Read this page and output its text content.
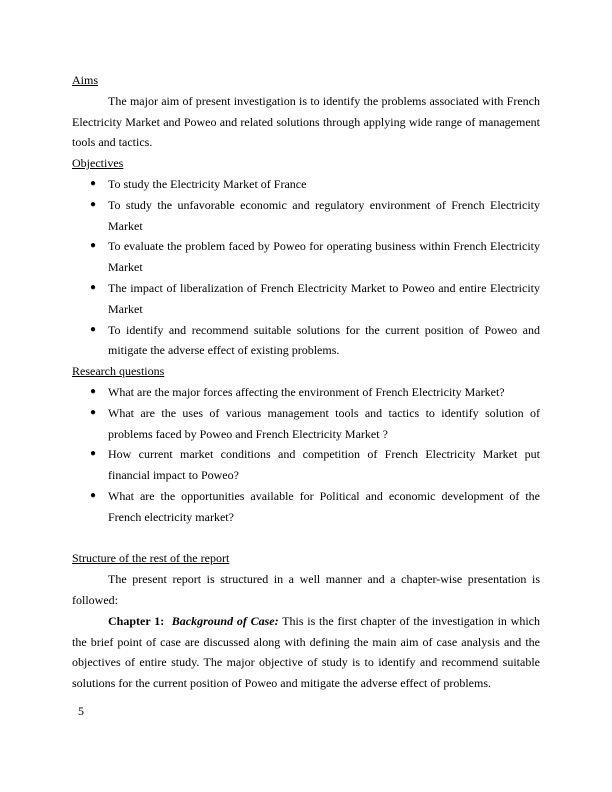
Aims

The major aim of present investigation is to identify the problems associated with French Electricity Market and Poweo and related solutions through applying wide range of management tools and tactics.

Objectives

● To study the Electricity Market of France
● To study the unfavorable economic and regulatory environment of French Electricity Market
● To evaluate the problem faced by Poweo for operating business within French Electricity Market
● The impact of liberalization of French Electricity Market to Poweo and entire Electricity Market
● To identify and recommend suitable solutions for the current position of Poweo and mitigate the adverse effect of existing problems.

Research questions

● What are the major forces affecting the environment of French Electricity Market?
● What are the uses of various management tools and tactics to identify solution of problems faced by Poweo and French Electricity Market ?
● How current market conditions and competition of French Electricity Market put financial impact to Poweo?
● What are the opportunities available for Political and economic development of the French electricity market?

Structure of the rest of the report

The present report is structured in a well manner and a chapter-wise presentation is followed:

Chapter 1: Background of Case: This is the first chapter of the investigation in which the brief point of case are discussed along with defining the main aim of case analysis and the objectives of entire study. The major objective of study is to identify and recommend suitable solutions for the current position of Poweo and mitigate the adverse effect of problems.

5
